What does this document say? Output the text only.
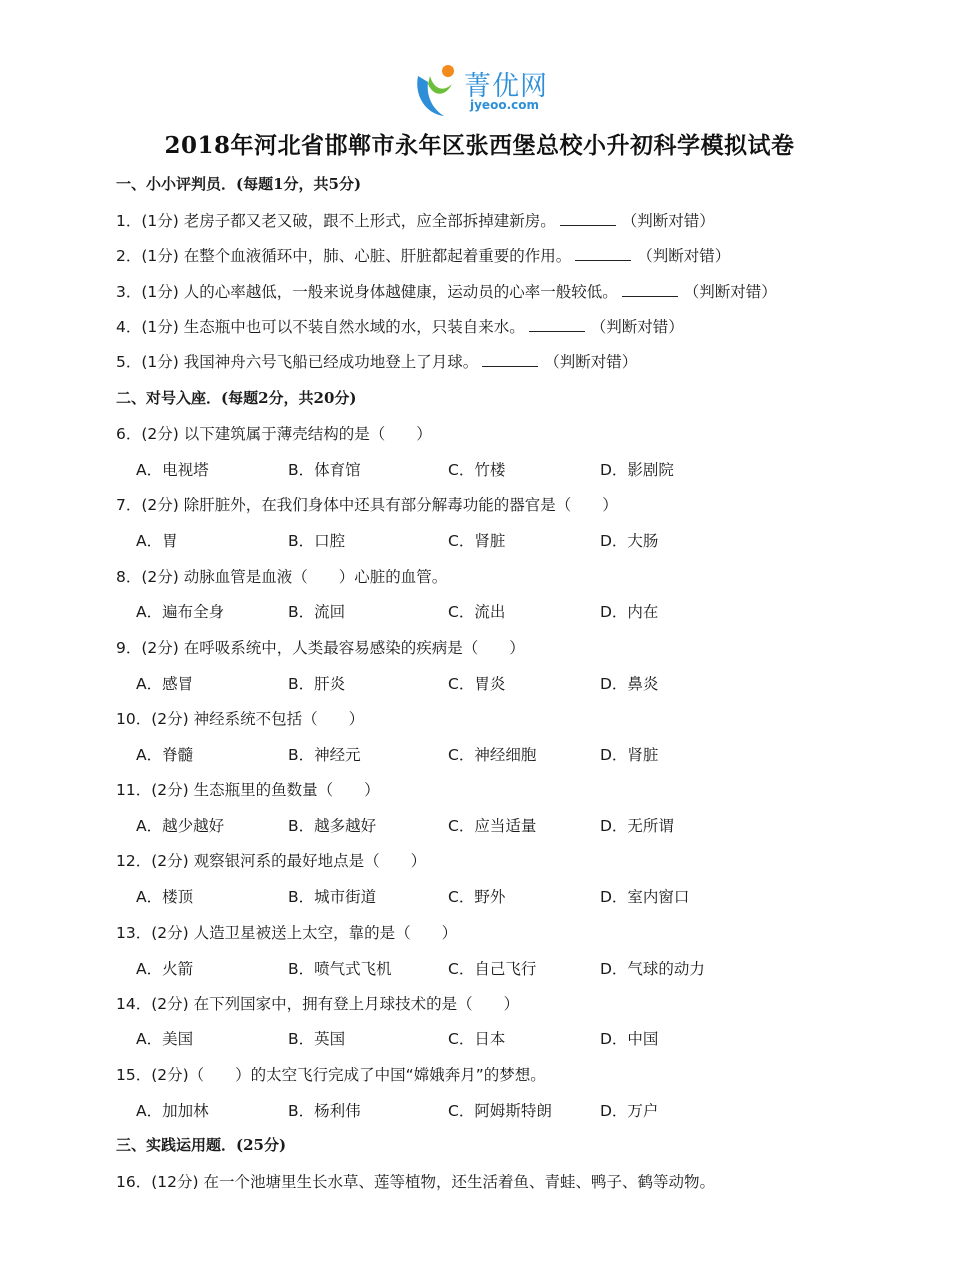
菁优网
jyeoo.com
2018年河北省邯郸市永年区张西堡总校小升初科学模拟试卷
一、小小评判员．(每题1分，共5分)
1．(1分) 老房子都又老又破，跟不上形式，应全部拆掉建新房。	（判断对错）
2．(1分) 在整个血液循环中，肺、心脏、肝脏都起着重要的作用。	（判断对错）
3．(1分) 人的心率越低，一般来说身体越健康，运动员的心率一般较低。	（判断对错）
4．(1分) 生态瓶中也可以不装自然水域的水，只装自来水。	（判断对错）
5．(1分) 我国神舟六号飞船已经成功地登上了月球。	（判断对错）
二、对号入座．(每题2分，共20分)
6．(2分) 以下建筑属于薄壳结构的是（　　）
A．电视塔	B．体育馆	C．竹楼	D．影剧院
7．(2分) 除肝脏外，在我们身体中还具有部分解毒功能的器官是（　　）
A．胃	B．口腔	C．肾脏	D．大肠
8．(2分) 动脉血管是血液（　　）心脏的血管。
A．遍布全身	B．流回	C．流出	D．内在
9．(2分) 在呼吸系统中，人类最容易感染的疾病是（　　）
A．感冒	B．肝炎	C．胃炎	D．鼻炎
10．(2分) 神经系统不包括（　　）
A．脊髓	B．神经元	C．神经细胞	D．肾脏
11．(2分) 生态瓶里的鱼数量（　　）
A．越少越好	B．越多越好	C．应当适量	D．无所谓
12．(2分) 观察银河系的最好地点是（　　）
A．楼顶	B．城市街道	C．野外	D．室内窗口
13．(2分) 人造卫星被送上太空，靠的是（　　）
A．火箭	B．喷气式飞机	C．自己飞行	D．气球的动力
14．(2分) 在下列国家中，拥有登上月球技术的是（　　）
A．美国	B．英国	C．日本	D．中国
15．(2分)（　　）的太空飞行完成了中国“嫦娥奔月”的梦想。
A．加加林	B．杨利伟	C．阿姆斯特朗	D．万户
三、实践运用题．(25分)
16．(12分) 在一个池塘里生长水草、莲等植物，还生活着鱼、青蛙、鸭子、鹤等动物。
